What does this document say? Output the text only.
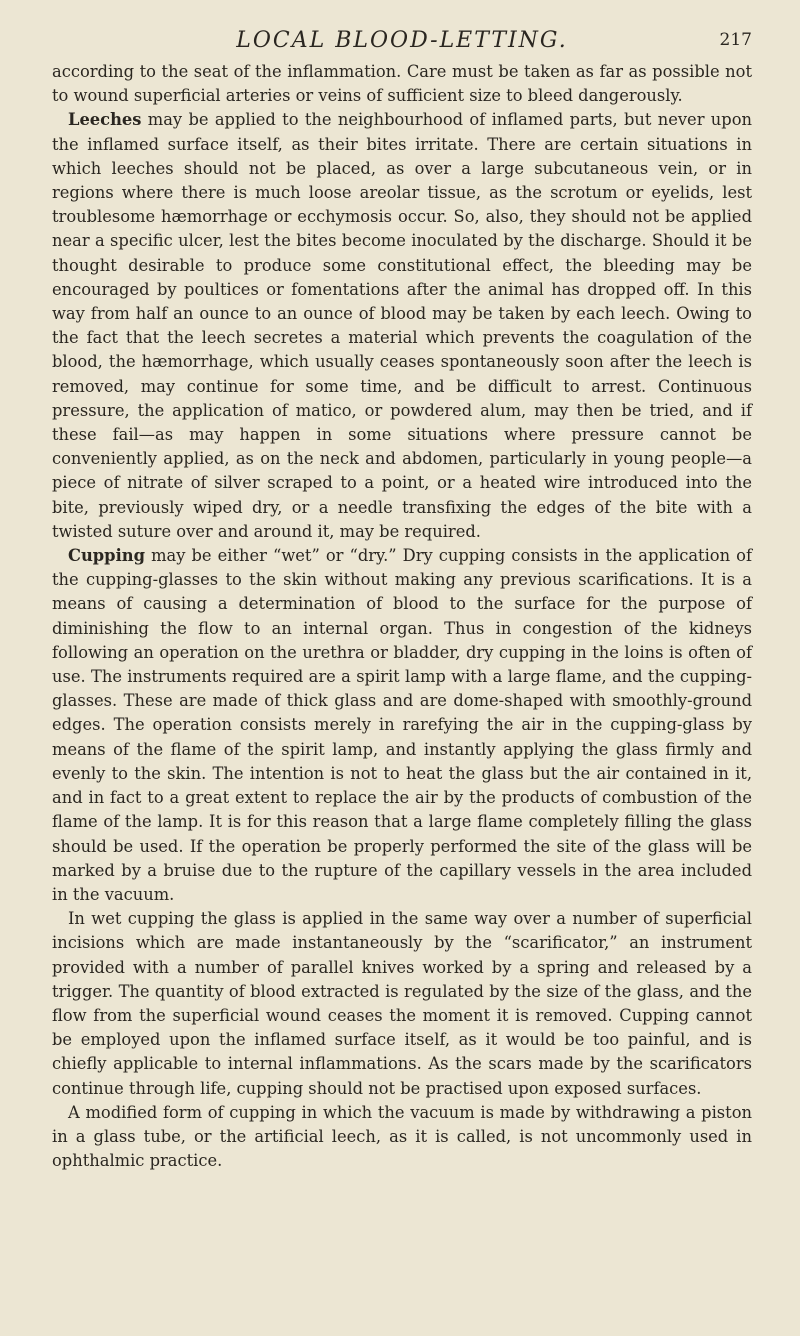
LOCAL BLOOD-LETTING.	217

according to the seat of the inflammation. Care must be taken as far as possible not to wound superficial arteries or veins of sufficient size to bleed dangerously.

Leeches may be applied to the neighbourhood of inflamed parts, but never upon the inflamed surface itself, as their bites irritate. There are certain situations in which leeches should not be placed, as over a large subcutaneous vein, or in regions where there is much loose areolar tissue, as the scrotum or eyelids, lest troublesome hæmorrhage or ecchymosis occur. So, also, they should not be applied near a specific ulcer, lest the bites become inoculated by the discharge. Should it be thought desirable to produce some constitutional effect, the bleeding may be encouraged by poultices or fomentations after the animal has dropped off. In this way from half an ounce to an ounce of blood may be taken by each leech. Owing to the fact that the leech secretes a material which prevents the coagulation of the blood, the hæmorrhage, which usually ceases spontaneously soon after the leech is removed, may continue for some time, and be difficult to arrest. Continuous pressure, the application of matico, or powdered alum, may then be tried, and if these fail—as may happen in some situations where pressure cannot be conveniently applied, as on the neck and abdomen, particularly in young people—a piece of nitrate of silver scraped to a point, or a heated wire introduced into the bite, previously wiped dry, or a needle transfixing the edges of the bite with a twisted suture over and around it, may be required.

Cupping may be either “wet” or “dry.” Dry cupping consists in the application of the cupping-glasses to the skin without making any previous scarifications. It is a means of causing a determination of blood to the surface for the purpose of diminishing the flow to an internal organ. Thus in congestion of the kidneys following an operation on the urethra or bladder, dry cupping in the loins is often of use. The instruments required are a spirit lamp with a large flame, and the cupping-glasses. These are made of thick glass and are dome-shaped with smoothly-ground edges. The operation consists merely in rarefying the air in the cupping-glass by means of the flame of the spirit lamp, and instantly applying the glass firmly and evenly to the skin. The intention is not to heat the glass but the air contained in it, and in fact to a great extent to replace the air by the products of combustion of the flame of the lamp. It is for this reason that a large flame completely filling the glass should be used. If the operation be properly performed the site of the glass will be marked by a bruise due to the rupture of the capillary vessels in the area included in the vacuum.

In wet cupping the glass is applied in the same way over a number of superficial incisions which are made instantaneously by the “scarificator,” an instrument provided with a number of parallel knives worked by a spring and released by a trigger. The quantity of blood extracted is regulated by the size of the glass, and the flow from the superficial wound ceases the moment it is removed. Cupping cannot be employed upon the inflamed surface itself, as it would be too painful, and is chiefly applicable to internal inflammations. As the scars made by the scarificators continue through life, cupping should not be practised upon exposed surfaces.

A modified form of cupping in which the vacuum is made by withdrawing a piston in a glass tube, or the artificial leech, as it is called, is not uncommonly used in ophthalmic practice.
